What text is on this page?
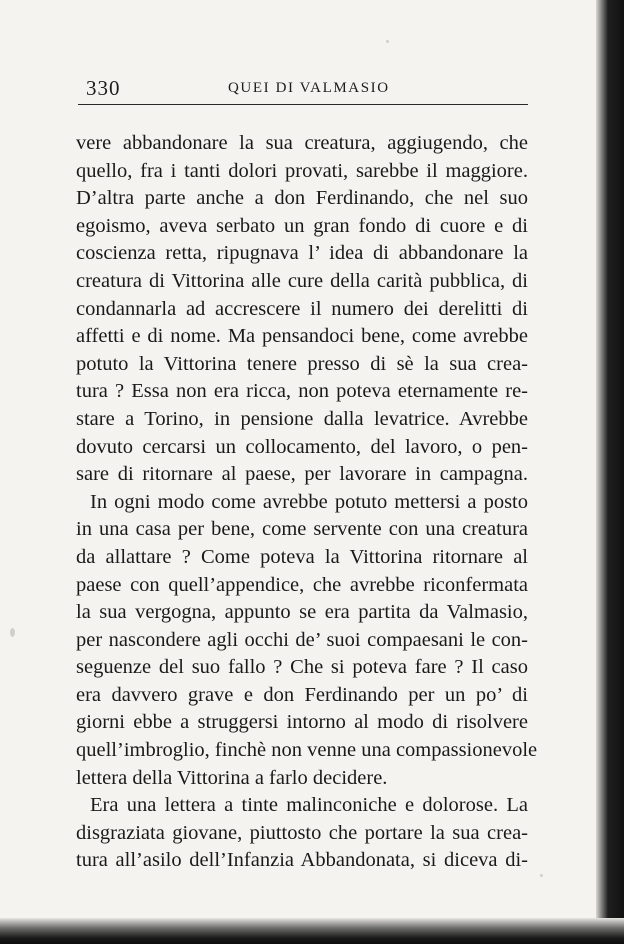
330	QUEI DI VALMASIO
vere abbandonare la sua creatura, aggiugendo, che
quello, fra i tanti dolori provati, sarebbe il maggiore.
D’altra parte anche a don Ferdinando, che nel suo
egoismo, aveva serbato un gran fondo di cuore e di
coscienza retta, ripugnava l’ idea di abbandonare la
creatura di Vittorina alle cure della carità pubblica, di
condannarla ad accrescere il numero dei derelitti di
affetti e di nome. Ma pensandoci bene, come avrebbe
potuto la Vittorina tenere presso di sè la sua crea-
tura ? Essa non era ricca, non poteva eternamente re-
stare a Torino, in pensione dalla levatrice. Avrebbe
dovuto cercarsi un collocamento, del lavoro, o pen-
sare di ritornare al paese, per lavorare in campagna.
In ogni modo come avrebbe potuto mettersi a posto
in una casa per bene, come servente con una creatura
da allattare ? Come poteva la Vittorina ritornare al
paese con quell’appendice, che avrebbe riconfermata
la sua vergogna, appunto se era partita da Valmasio,
per nascondere agli occhi de’ suoi compaesani le con-
seguenze del suo fallo ? Che si poteva fare ? Il caso
era davvero grave e don Ferdinando per un po’ di
giorni ebbe a struggersi intorno al modo di risolvere
quell’imbroglio, finchè non venne una compassionevole
lettera della Vittorina a farlo decidere.
Era una lettera a tinte malinconiche e dolorose. La
disgraziata giovane, piuttosto che portare la sua crea-
tura all’asilo dell’Infanzia Abbandonata, si diceva di-
